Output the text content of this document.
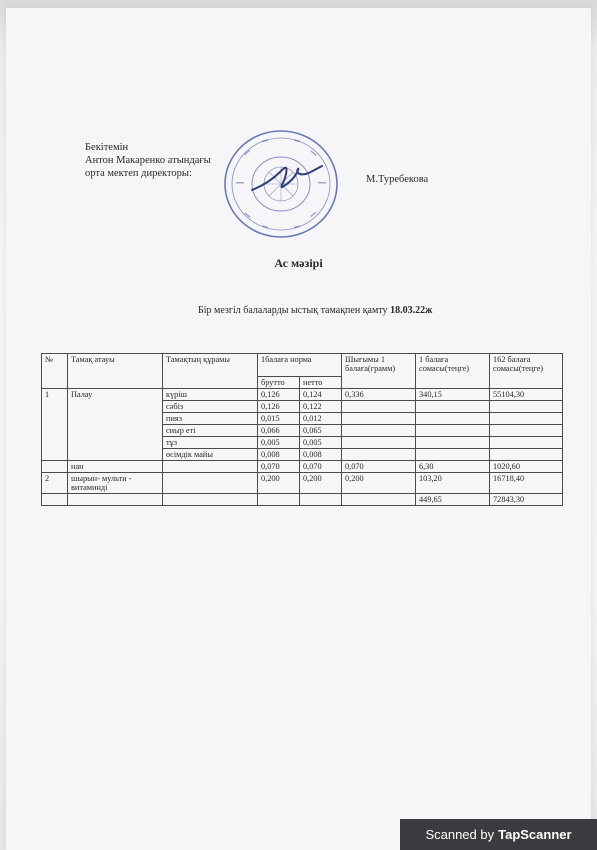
Бекітемін
Антон Макаренко атындағы
орта мектеп директоры:
М.Туребекова
Ас мәзірі
Бір мезгіл балаларды ыстық тамақпен қамту 18.03.22ж
№	Тамақ атауы	Тамақтың құрамы	1балаға норма		Шығымы 1 балаға(грамм)	1 балаға сомасы(теңге)	162 балаға сомасы(теңге)
			брутто	нетто			
1	Палау	күріш	0,126	0,124	0,336	340,15	55104,30
		сәбіз	0,126	0,122			
		пияз	0,015	0,012			
		сиыр еті	0,066	0,065			
		тұз	0,005	0,005			
		өсімдік майы	0,008	0,008			
	нан		0,070	0,070	0,070	6,30	1020,60
2	шырын- мульти - витаминді		0,200	0,200	0,200	103,20	16718,40
						449,65	72843,30
Scanned by TapScanner
